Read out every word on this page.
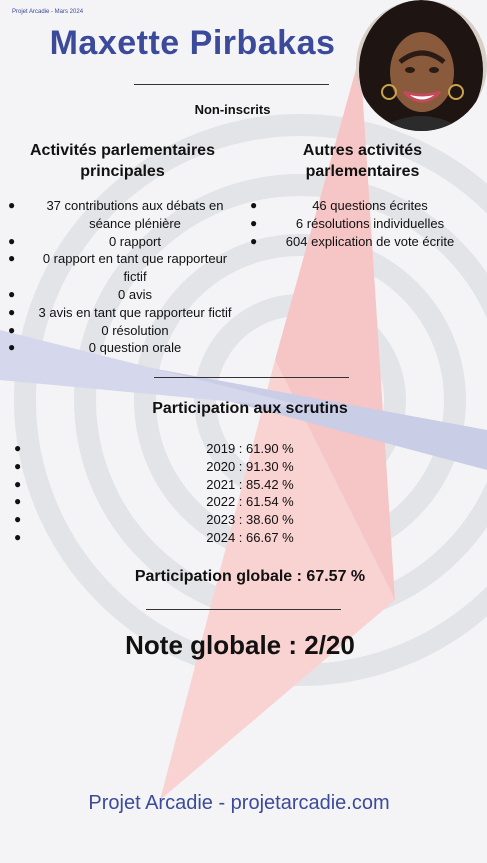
Projet Arcadie - Mars 2024
Maxette Pirbakas
Non-inscrits
Activités parlementaires principales
Autres activités parlementaires
● 37 contributions aux débats en séance plénière
●	0 rapport
● 0 rapport en tant que rapporteur fictif
●	0 avis
● 3 avis en tant que rapporteur fictif
●	0 résolution
●	0 question orale
●	46 questions écrites
●	6 résolutions individuelles
● 604 explication de vote écrite
Participation aux scrutins
●	2019 : 61.90 %
●	2020 : 91.30 %
●	2021 : 85.42 %
●	2022 : 61.54 %
●	2023 : 38.60 %
●	2024 : 66.67 %
Participation globale : 67.57 %
Note globale : 2/20
Projet Arcadie - projetarcadie.com
